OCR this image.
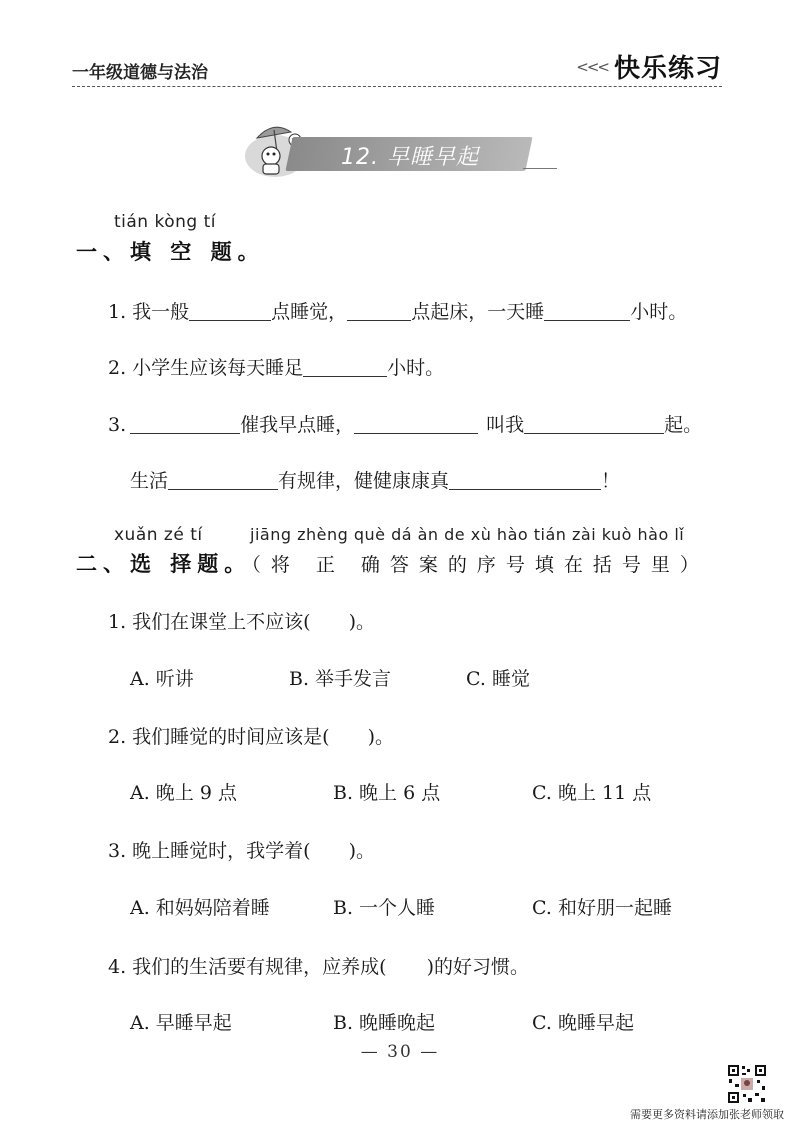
一年级道德与法治	<<< 快乐练习
12. 早睡早起
tián kòng tí
一、填 空 题。
1. 我一般	点睡觉，	点起床，一天睡	小时。
2. 小学生应该每天睡足	小时。
3.	催我早点睡，	叫我	起。
生活	有规律，健健康康真	！
xuǎn zé tí	jiāng zhèng què dá àn de xù hào tián zài kuò hào lǐ
二、选 择题。（将 正 确答案的序号填在括号里）
1. 我们在课堂上不应该( )。
A. 听讲	B. 举手发言	C. 睡觉
2. 我们睡觉的时间应该是( )。
A. 晚上 9 点	B. 晚上 6 点	C. 晚上 11 点
3. 晚上睡觉时，我学着( )。
A. 和妈妈陪着睡	B. 一个人睡	C. 和好朋一起睡
4. 我们的生活要有规律，应养成( )的好习惯。
A. 早睡早起	B. 晚睡晚起	C. 晚睡早起
— 30 —
需要更多资料请添加张老师领取
